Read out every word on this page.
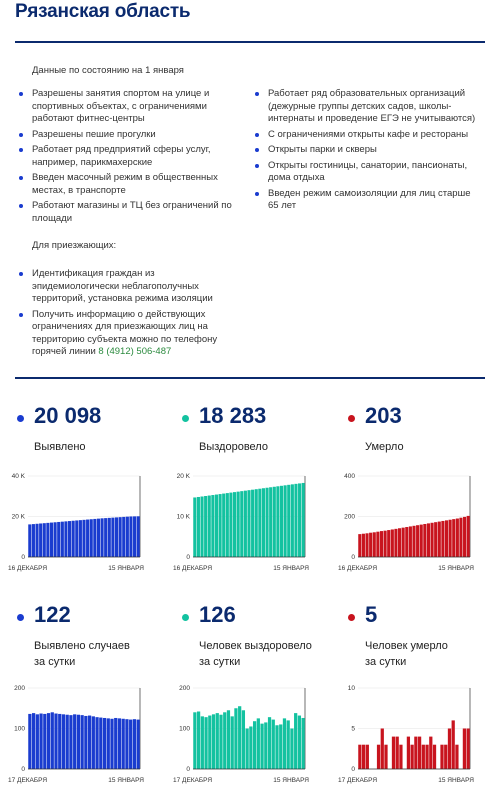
Рязанская область
Данные по состоянию на 1 января
Разрешены занятия спортом на улице и спортивных объектах, с ограничениями работают фитнес-центры
Разрешены пешие прогулки
Работает ряд предприятий сферы услуг, например, парикмахерские
Введен масочный режим в общественных местах, в транспорте
Работают магазины и ТЦ без ограничений по площади
Работает ряд образовательных организаций (дежурные группы детских садов, школы-интернаты и проведение ЕГЭ не учитываются)
С ограничениями открыты кафе и рестораны
Открыты парки и скверы
Открыты гостиницы, санатории, пансионаты, дома отдыха
Введен режим самоизоляции для лиц старше 65 лет
Для приезжающих:
Идентификация граждан из эпидемиологически неблагополучных территорий, установка режима изоляции
Получить информацию о действующих ограничениях для приезжающих лиц на территорию субъекта можно по телефону горячей линии 8 (4912) 506-487
20 098
Выявлено
18 283
Выздоровело
203
Умерло
122
Выявлено случаев
за сутки
126
Человек выздоровело
за сутки
5
Человек умерло
за сутки
0
20 K
40 K
16 ДЕКАБРЯ	15 ЯНВАРЯ
0
10 K
20 K
16 ДЕКАБРЯ	15 ЯНВАРЯ
0
200
400
16 ДЕКАБРЯ	15 ЯНВАРЯ
0
100
200
17 ДЕКАБРЯ	15 ЯНВАРЯ
0
100
200
17 ДЕКАБРЯ	15 ЯНВАРЯ
0
5
10
17 ДЕКАБРЯ	15 ЯНВАРЯ
